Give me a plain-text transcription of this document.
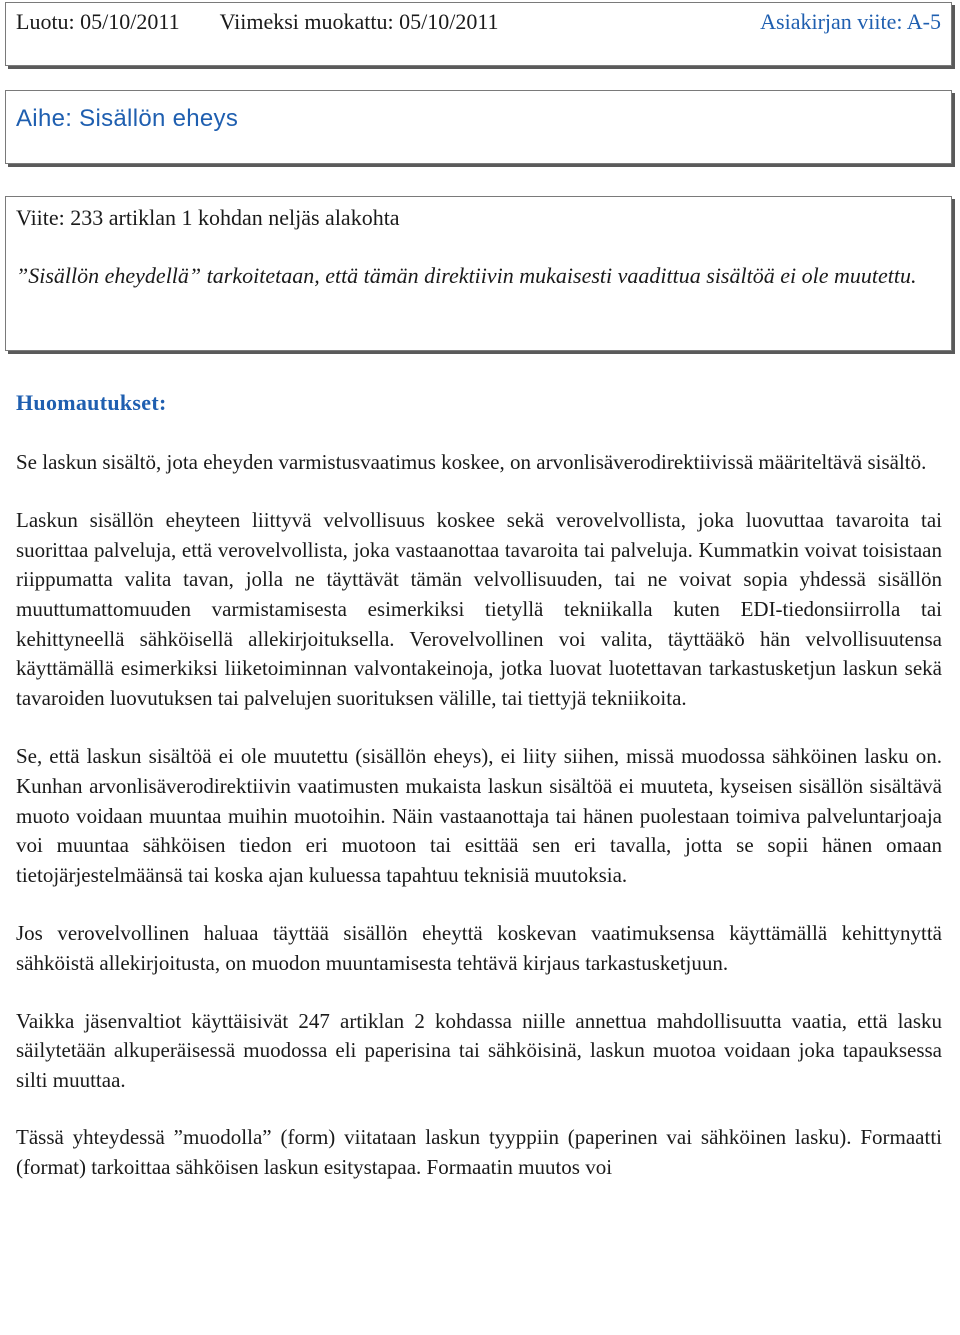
Luotu: 05/10/2011 Viimeksi muokattu: 05/10/2011	Asiakirjan viite: A-5
Aihe: Sisällön eheys
Viite: 233 artiklan 1 kohdan neljäs alakohta
”Sisällön eheydellä” tarkoitetaan, että tämän direktiivin mukaisesti vaadittua sisältöä ei ole muutettu.
Huomautukset:

Se laskun sisältö, jota eheyden varmistusvaatimus koskee, on arvonlisäverodirektiivissä määriteltävä sisältö.

Laskun sisällön eheyteen liittyvä velvollisuus koskee sekä verovelvollista, joka luovuttaa tavaroita tai suorittaa palveluja, että verovelvollista, joka vastaanottaa tavaroita tai palveluja. Kummatkin voivat toisistaan riippumatta valita tavan, jolla ne täyttävät tämän velvollisuuden, tai ne voivat sopia yhdessä sisällön muuttumattomuuden varmistamisesta esimerkiksi tietyllä tekniikalla kuten EDI-tiedonsiirrolla tai kehittyneellä sähköisellä allekirjoituksella. Verovelvollinen voi valita, täyttääkö hän velvollisuutensa käyttämällä esimerkiksi liiketoiminnan valvontakeinoja, jotka luovat luotettavan tarkastusketjun laskun sekä tavaroiden luovutuksen tai palvelujen suorituksen välille, tai tiettyjä tekniikoita.

Se, että laskun sisältöä ei ole muutettu (sisällön eheys), ei liity siihen, missä muodossa sähköinen lasku on. Kunhan arvonlisäverodirektiivin vaatimusten mukaista laskun sisältöä ei muuteta, kyseisen sisällön sisältävä muoto voidaan muuntaa muihin muotoihin. Näin vastaanottaja tai hänen puolestaan toimiva palveluntarjoaja voi muuntaa sähköisen tiedon eri muotoon tai esittää sen eri tavalla, jotta se sopii hänen omaan tietojärjestelmäänsä tai koska ajan kuluessa tapahtuu teknisiä muutoksia.

Jos verovelvollinen haluaa täyttää sisällön eheyttä koskevan vaatimuksensa käyttämällä kehittynyttä sähköistä allekirjoitusta, on muodon muuntamisesta tehtävä kirjaus tarkastusketjuun.

Vaikka jäsenvaltiot käyttäisivät 247 artiklan 2 kohdassa niille annettua mahdollisuutta vaatia, että lasku säilytetään alkuperäisessä muodossa eli paperisina tai sähköisinä, laskun muotoa voidaan joka tapauksessa silti muuttaa.

Tässä yhteydessä ”muodolla” (form) viitataan laskun tyyppiin (paperinen vai sähköinen lasku). Formaatti (format) tarkoittaa sähköisen laskun esitystapaa. Formaatin muutos voi
